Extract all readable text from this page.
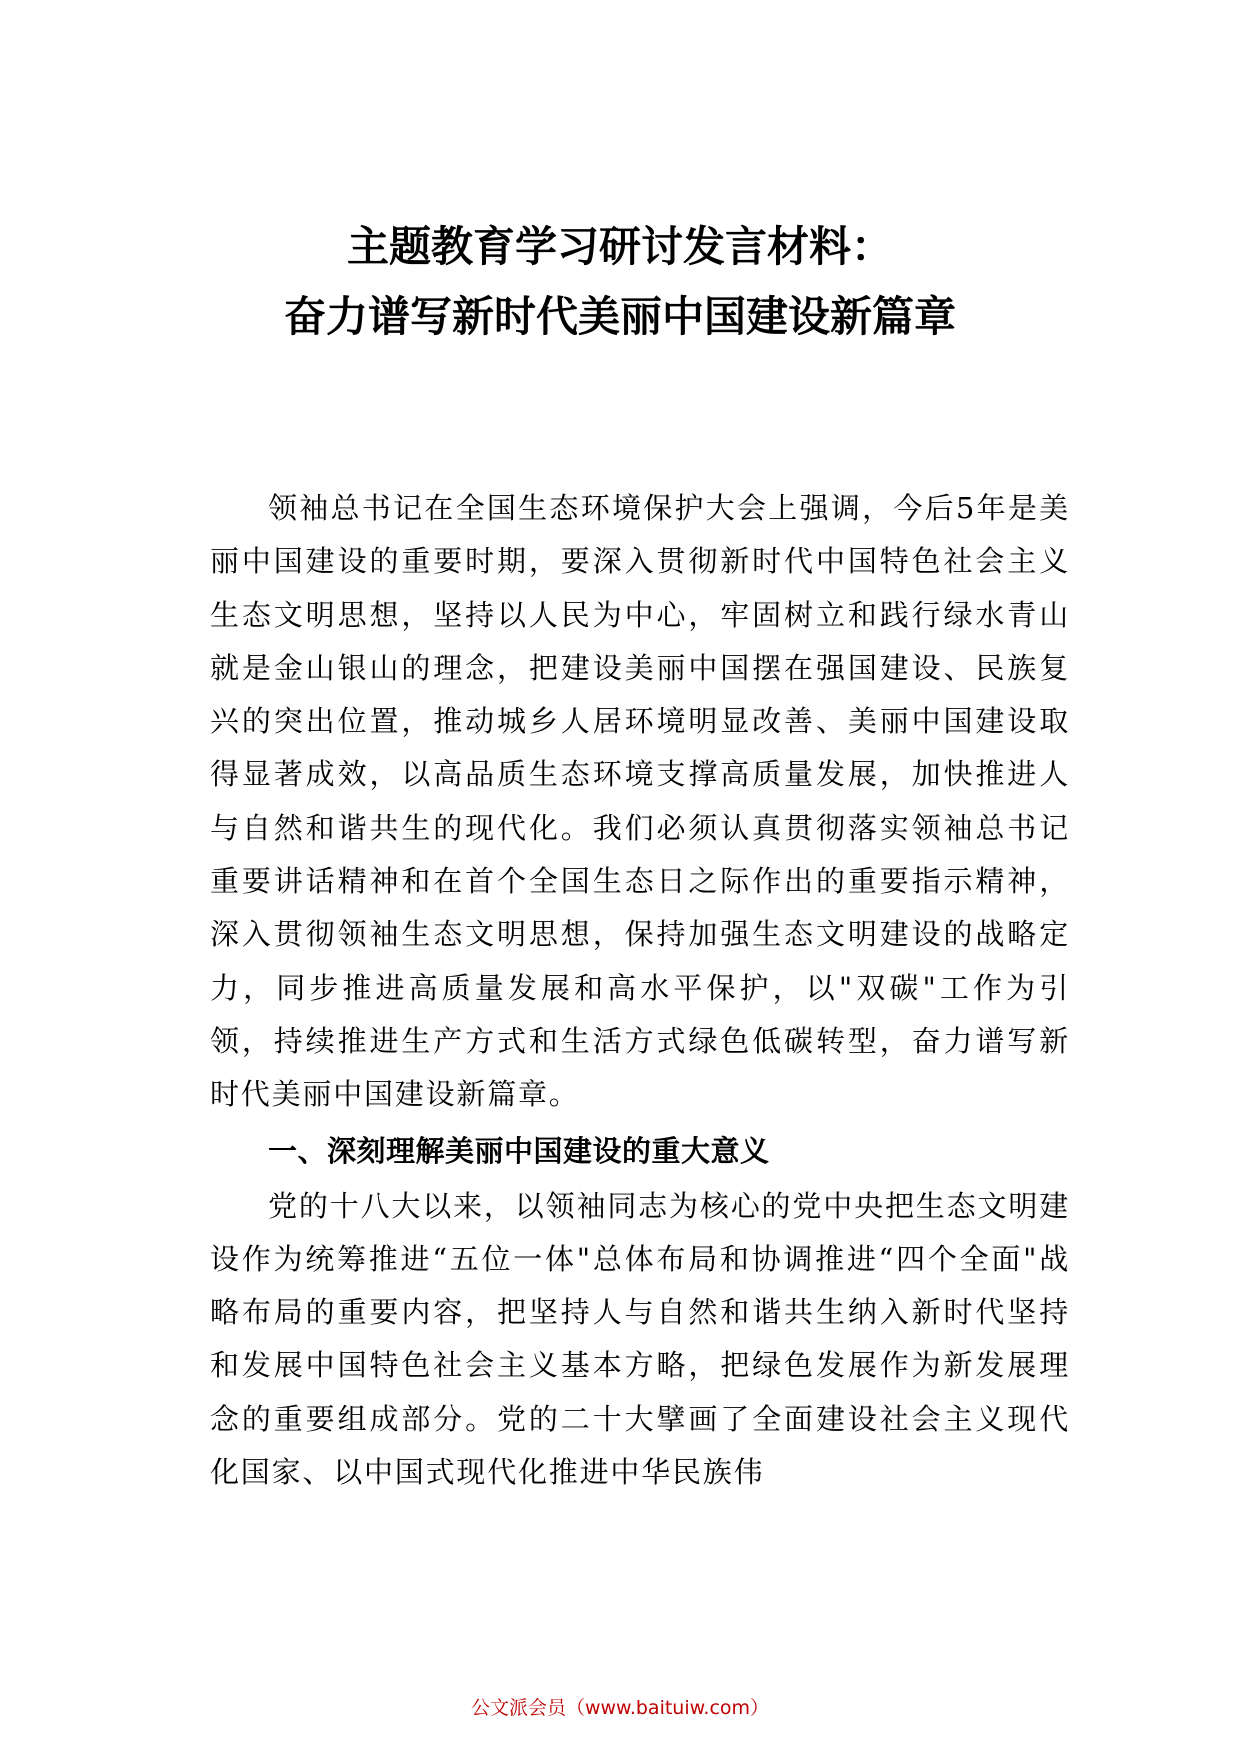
主题教育学习研讨发言材料：
奋力谱写新时代美丽中国建设新篇章

领袖总书记在全国生态环境保护大会上强调，今后5年是美丽中国建设的重要时期，要深入贯彻新时代中国特色社会主义生态文明思想，坚持以人民为中心，牢固树立和践行绿水青山就是金山银山的理念，把建设美丽中国摆在强国建设、民族复兴的突出位置，推动城乡人居环境明显改善、美丽中国建设取得显著成效，以高品质生态环境支撑高质量发展，加快推进人与自然和谐共生的现代化。我们必须认真贯彻落实领袖总书记重要讲话精神和在首个全国生态日之际作出的重要指示精神，深入贯彻领袖生态文明思想，保持加强生态文明建设的战略定力，同步推进高质量发展和高水平保护，以"双碳"工作为引领，持续推进生产方式和生活方式绿色低碳转型，奋力谱写新时代美丽中国建设新篇章。

一、深刻理解美丽中国建设的重大意义

党的十八大以来，以领袖同志为核心的党中央把生态文明建设作为统筹推进“五位一体"总体布局和协调推进“四个全面"战略布局的重要内容，把坚持人与自然和谐共生纳入新时代坚持和发展中国特色社会主义基本方略，把绿色发展作为新发展理念的重要组成部分。党的二十大擘画了全面建设社会主义现代化国家、以中国式现代化推进中华民族伟

公文派会员（www.baituiw.com）
